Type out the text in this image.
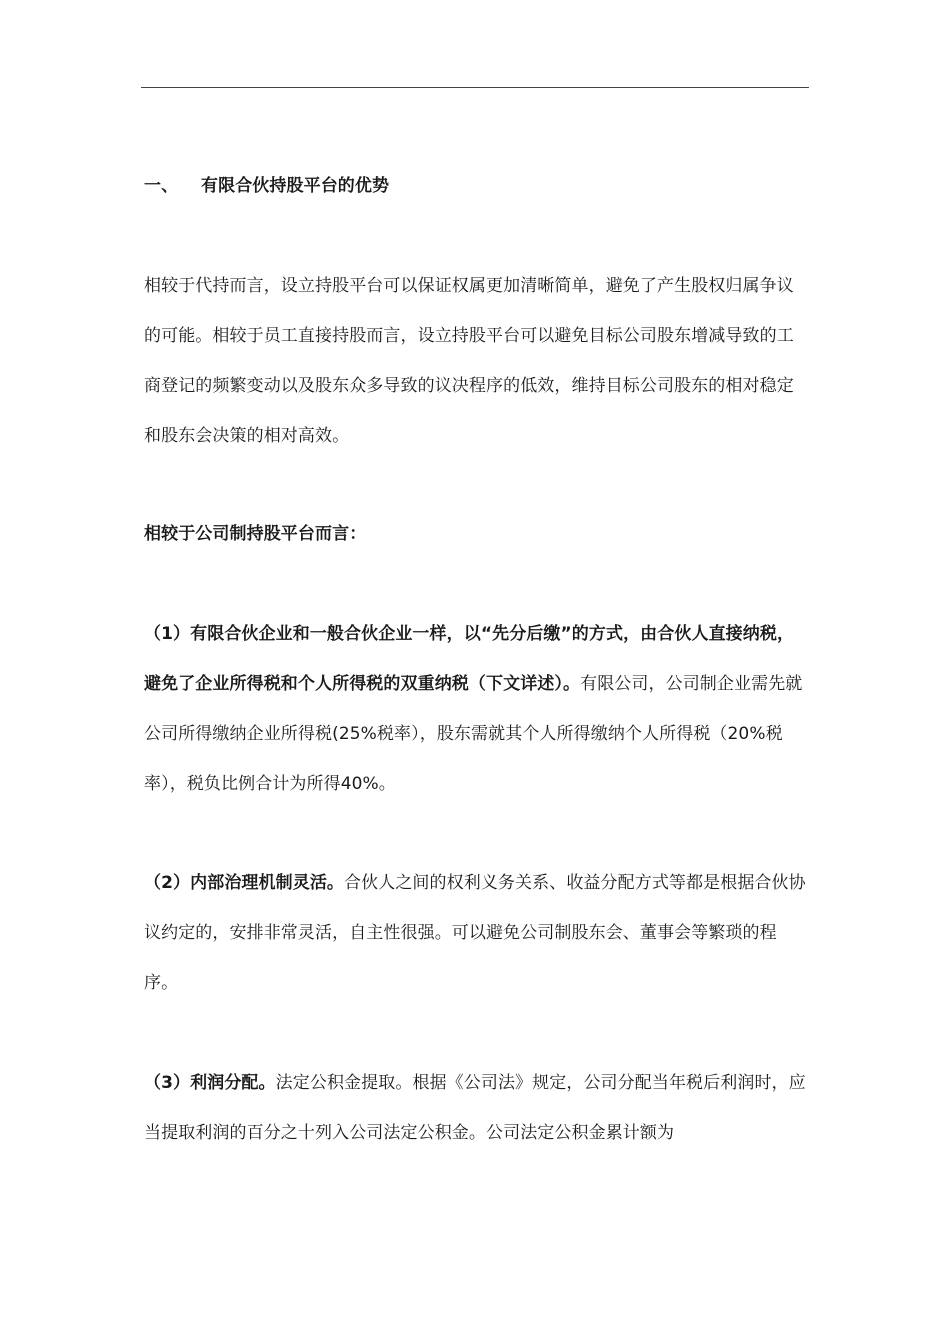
一、 有限合伙持股平台的优势

相较于代持而言，设立持股平台可以保证权属更加清晰简单，避免了产生股权归属争议的可能。相较于员工直接持股而言，设立持股平台可以避免目标公司股东增减导致的工商登记的频繁变动以及股东众多导致的议决程序的低效，维持目标公司股东的相对稳定和股东会决策的相对高效。

相较于公司制持股平台而言：

（1）有限合伙企业和一般合伙企业一样，以“先分后缴”的方式，由合伙人直接纳税，避免了企业所得税和个人所得税的双重纳税（下文详述）。有限公司，公司制企业需先就公司所得缴纳企业所得税(25%税率），股东需就其个人所得缴纳个人所得税（20%税率），税负比例合计为所得40%。

（2）内部治理机制灵活。合伙人之间的权利义务关系、收益分配方式等都是根据合伙协议约定的，安排非常灵活，自主性很强。可以避免公司制股东会、董事会等繁琐的程序。

（3）利润分配。法定公积金提取。根据《公司法》规定，公司分配当年税后利润时，应当提取利润的百分之十列入公司法定公积金。公司法定公积金累计额为
